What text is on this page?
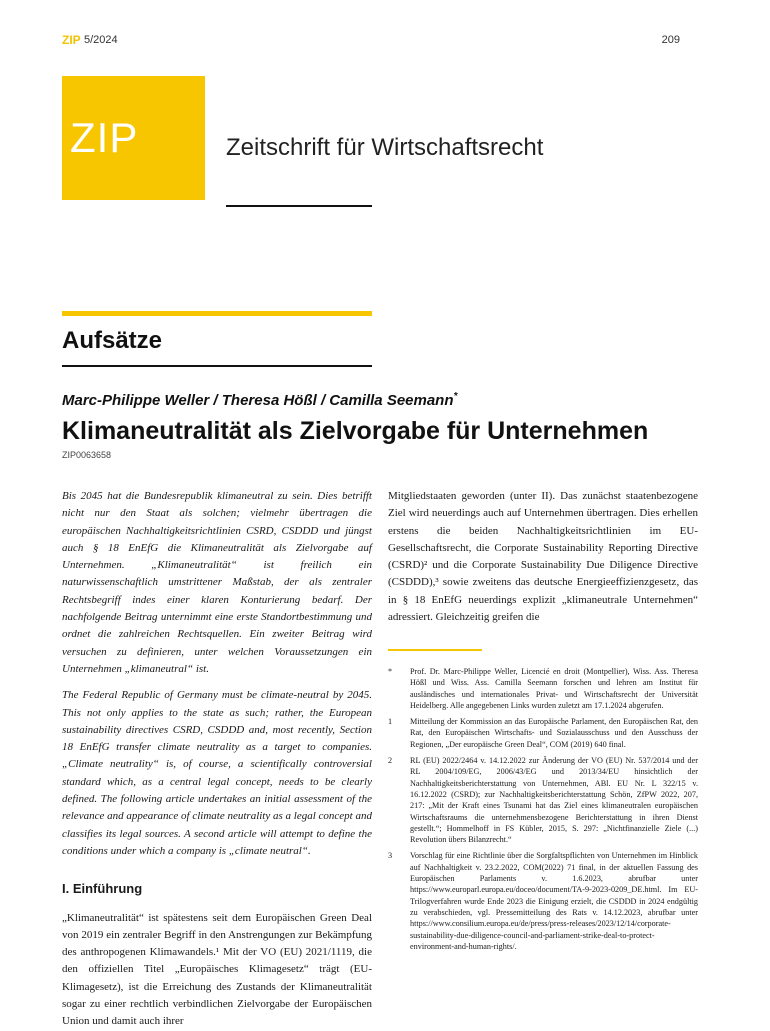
ZIP 5/2024	209
ZIP	Zeitschrift für Wirtschaftsrecht
Aufsätze
Marc-Philippe Weller / Theresa Hößl / Camilla Seemann*
Klimaneutralität als Zielvorgabe für Unternehmen
ZIP0063658

Bis 2045 hat die Bundesrepublik klimaneutral zu sein. Dies betrifft nicht nur den Staat als solchen; vielmehr übertragen die europäischen Nachhaltigkeitsrichtlinien CSRD, CSDDD und jüngst auch § 18 EnEfG die Klimaneutralität als Zielvorgabe auf Unternehmen. „Klimaneutralität“ ist freilich ein naturwissenschaftlich umstrittener Maßstab, der als zentraler Rechtsbegriff indes einer klaren Konturierung bedarf. Der nachfolgende Beitrag unternimmt eine erste Standortbestimmung und ordnet die zahlreichen Rechtsquellen. Ein zweiter Beitrag wird versuchen zu definieren, unter welchen Voraussetzungen ein Unternehmen „klimaneutral“ ist.

The Federal Republic of Germany must be climate-neutral by 2045. This not only applies to the state as such; rather, the European sustainability directives CSRD, CSDDD and, most recently, Section 18 EnEfG transfer climate neutrality as a target to companies. „Climate neutrality“ is, of course, a scientifically controversial standard which, as a central legal concept, needs to be clearly defined. The following article undertakes an initial assessment of the relevance and appearance of climate neutrality as a legal concept and classifies its legal sources. A second article will attempt to define the conditions under which a company is „climate neutral“.

I. Einführung

„Klimaneutralität“ ist spätestens seit dem Europäischen Green Deal von 2019 ein zentraler Begriff in den Anstrengungen zur Bekämpfung des anthropogenen Klimawandels.¹ Mit der VO (EU) 2021/1119, die den offiziellen Titel „Europäisches Klimagesetz“ trägt (EU-Klimagesetz), ist die Erreichung des Zustands der Klimaneutralität sogar zu einer rechtlich verbindlichen Zielvorgabe der Europäischen Union und damit auch ihrer

Mitgliedstaaten geworden (unter II). Das zunächst staatenbezogene Ziel wird neuerdings auch auf Unternehmen übertragen. Dies erhellen erstens die beiden Nachhaltigkeitsrichtlinien im EU-Gesellschaftsrecht, die Corporate Sustainability Reporting Directive (CSRD)² und die Corporate Sustainability Due Diligence Directive (CSDDD),³ sowie zweitens das deutsche Energieeffizienzgesetz, das in § 18 EnEfG neuerdings explizit „klimaneutrale Unternehmen“ adressiert. Gleichzeitig greifen die

*	Prof. Dr. Marc-Philippe Weller, Licencié en droit (Montpellier), Wiss. Ass. Theresa Hößl und Wiss. Ass. Camilla Seemann forschen und lehren am Institut für ausländisches und internationales Privat- und Wirtschaftsrecht der Universität Heidelberg. Alle angegebenen Links wurden zuletzt am 17.1.2024 abgerufen.
1	Mitteilung der Kommission an das Europäische Parlament, den Europäischen Rat, den Rat, den Europäischen Wirtschafts- und Sozialausschuss und den Ausschuss der Regionen, „Der europäische Green Deal“, COM (2019) 640 final.
2	RL (EU) 2022/2464 v. 14.12.2022 zur Änderung der VO (EU) Nr. 537/2014 und der RL 2004/109/EG, 2006/43/EG und 2013/34/EU hinsichtlich der Nachhaltigkeitsberichterstattung von Unternehmen, ABl. EU Nr. L 322/15 v. 16.12.2022 (CSRD); zur Nachhaltigkeitsberichterstattung Schön, ZfPW 2022, 207, 217: „Mit der Kraft eines Tsunami hat das Ziel eines klimaneutralen europäischen Wirtschaftsraums die unternehmensbezogene Berichterstattung in ihren Dienst gestellt.“; Hommelhoff in FS Kübler, 2015, S. 297: „Nichtfinanzielle Ziele (...) Revolution übers Bilanzrecht.“
3	Vorschlag für eine Richtlinie über die Sorgfaltspflichten von Unternehmen im Hinblick auf Nachhaltigkeit v. 23.2.2022, COM(2022) 71 final, in der aktuellen Fassung des Europäischen Parlaments v. 1.6.2023, abrufbar unter https://www.europarl.europa.eu/doceo/document/TA-9-2023-0209_DE.html. Im EU-Trilogverfahren wurde Ende 2023 die Einigung erzielt, die CSDDD in 2024 endgültig zu verabschieden, vgl. Pressemitteilung des Rats v. 14.12.2023, abrufbar unter https://www.consilium.europa.eu/de/press/press-releases/2023/12/14/corporate-sustainability-due-diligence-council-and-parliament-strike-deal-to-protect-environment-and-human-rights/.
